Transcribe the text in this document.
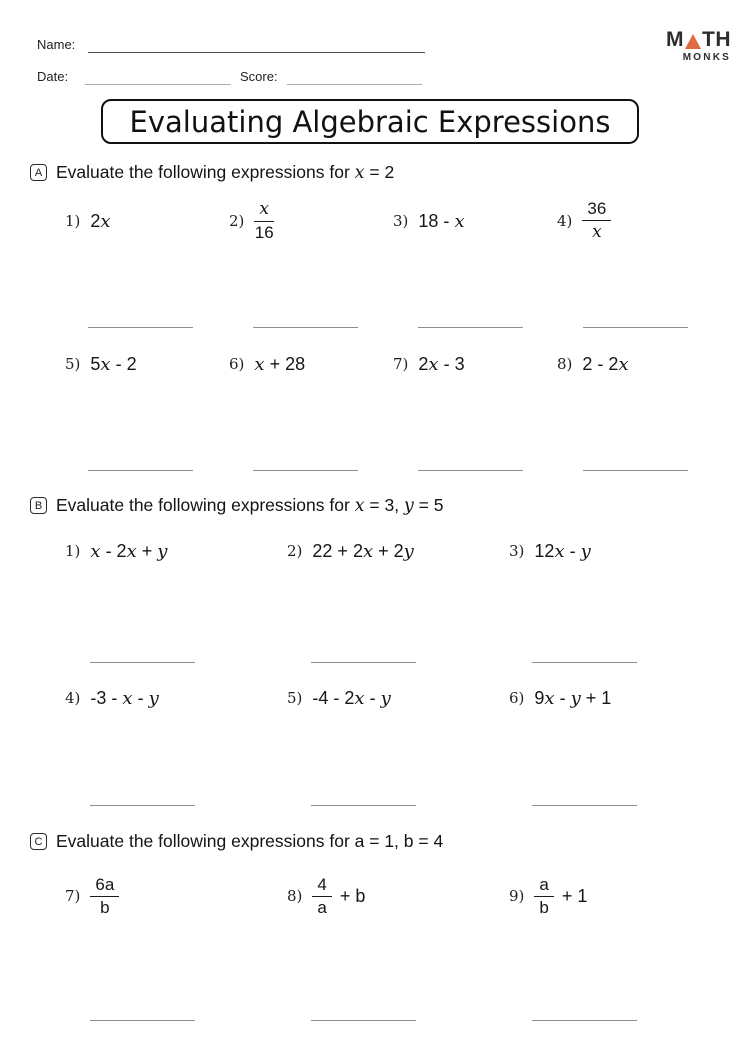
Name:
Date:	Score:
M TH
MONKS
Evaluating Algebraic Expressions
A Evaluate the following expressions for x = 2
1) 2x	$2) \frac{x}{16}$	3) 18 - x	$4) \frac{36}{x}$
5) 5x - 2	6) x + 28	7) 2x - 3	8) 2 - 2x
B Evaluate the following expressions for x = 3, y = 5
1) x - 2x + y	2) 22 + 2x + 2y	3) 12x - y
4) -3 - x - y	5) -4 - 2x - y	6) 9x - y + 1
C Evaluate the following expressions for a = 1, b = 4
$7) \frac{6a}{b}$	$8) \frac{4}{a} + b$	$9) \frac{a}{b} + 1$
